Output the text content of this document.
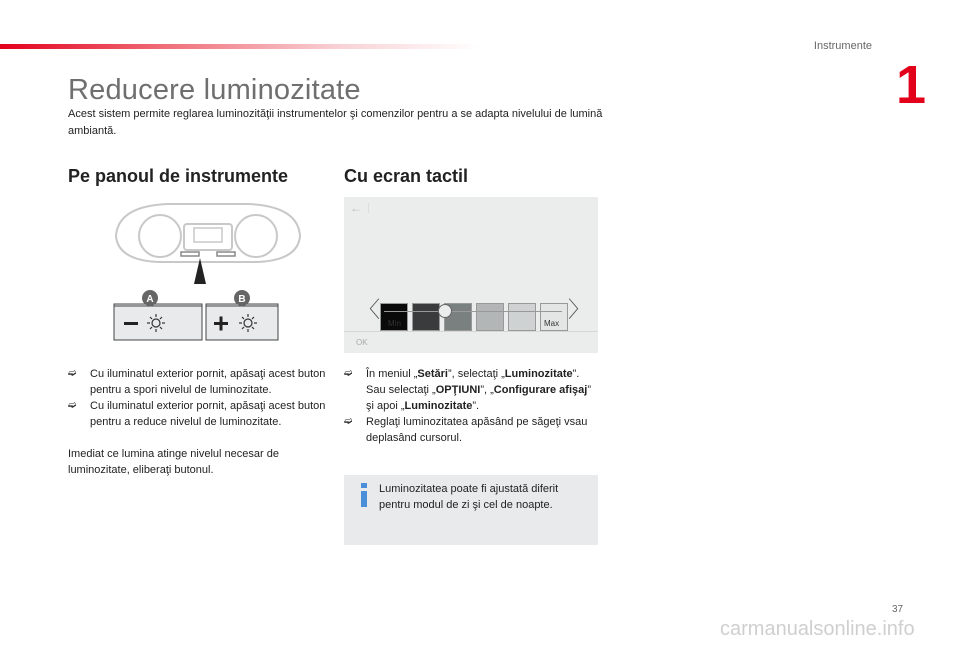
Instrumente
1
Reducere luminozitate
Acest sistem permite reglarea luminozităţii instrumentelor şi comenzilor pentru a se adapta nivelului de lumină ambiantă.
Pe panoul de instrumente
A	B
➫ Cu iluminatul exterior pornit, apăsaţi acest buton pentru a spori nivelul de luminozitate.
➫ Cu iluminatul exterior pornit, apăsaţi acest buton pentru a reduce nivelul de luminozitate.
Imediat ce lumina atinge nivelul necesar de luminozitate, eliberaţi butonul.
Cu ecran tactil
←
〈	〉
Min	Max
OK
➫ În meniul „Setări”, selectaţi „Luminozitate”.
Sau selectaţi „OPŢIUNI”, „Configurare afişaj” şi apoi „Luminozitate”.
➫ Reglaţi luminozitatea apăsând pe săgeţi vsau deplasând cursorul.
Luminozitatea poate fi ajustată diferit pentru modul de zi şi cel de noapte.
37
carmanualsonline.info
